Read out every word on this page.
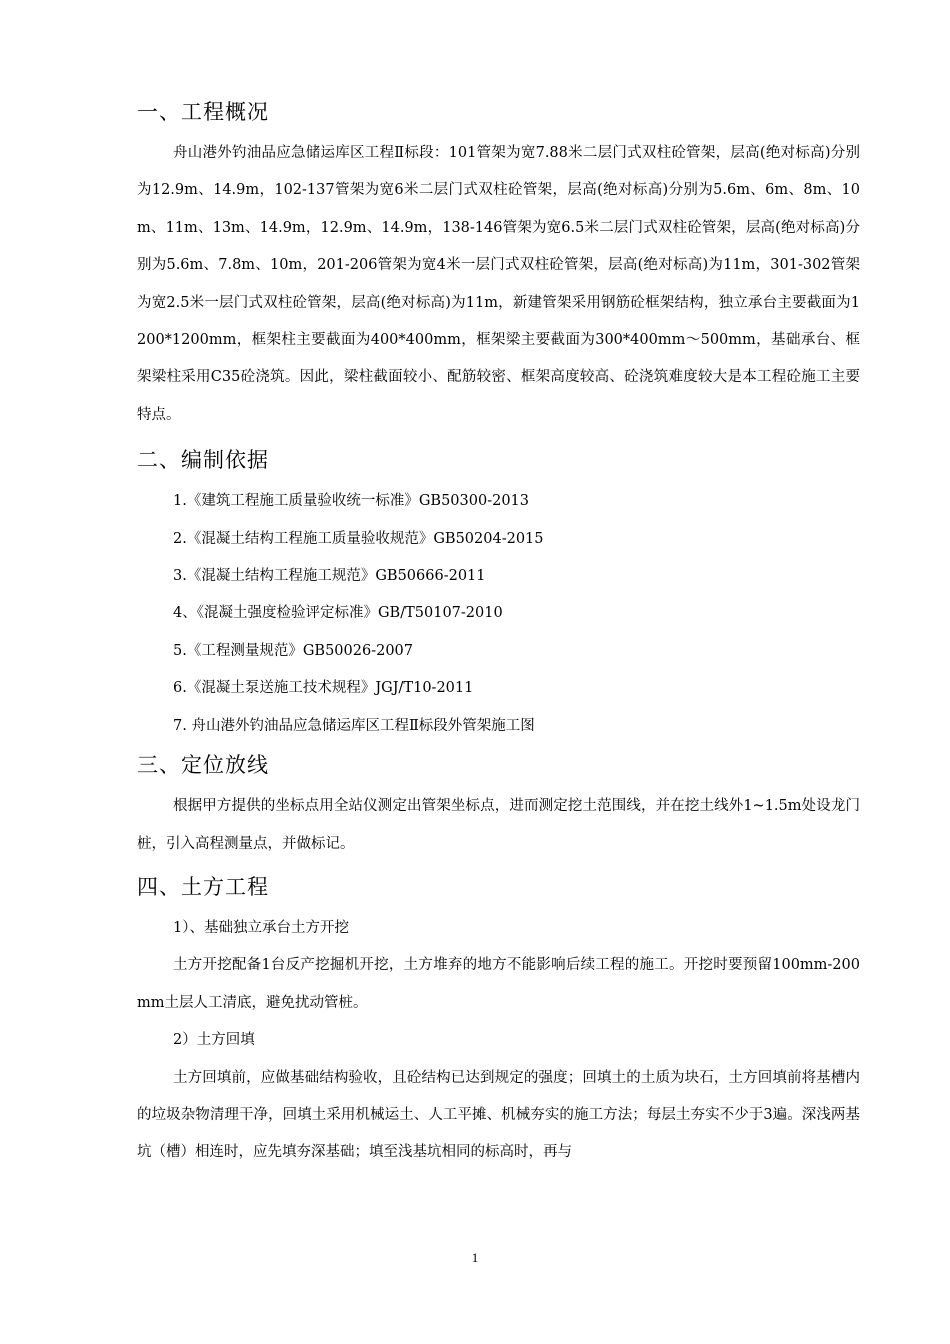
一、工程概况

舟山港外钓油品应急储运库区工程Ⅱ标段：101管架为宽7.88米二层门式双柱砼管架，层高(绝对标高)分别为12.9m、14.9m，102-137管架为宽6米二层门式双柱砼管架，层高(绝对标高)分别为5.6m、6m、8m、10m、11m、13m、14.9m，12.9m、14.9m，138-146管架为宽6.5米二层门式双柱砼管架，层高(绝对标高)分别为5.6m、7.8m、10m，201-206管架为宽4米一层门式双柱砼管架，层高(绝对标高)为11m，301-302管架为宽2.5米一层门式双柱砼管架，层高(绝对标高)为11m，新建管架采用钢筋砼框架结构，独立承台主要截面为1200*1200mm，框架柱主要截面为400*400mm，框架梁主要截面为300*400mm～500mm，基础承台、框架梁柱采用C35砼浇筑。因此，梁柱截面较小、配筋较密、框架高度较高、砼浇筑难度较大是本工程砼施工主要特点。

二、编制依据

1.《建筑工程施工质量验收统一标准》GB50300-2013

2.《混凝土结构工程施工质量验收规范》GB50204-2015

3.《混凝土结构工程施工规范》GB50666-2011

4、《混凝土强度检验评定标准》GB/T50107-2010

5.《工程测量规范》GB50026-2007

6.《混凝土泵送施工技术规程》JGJ/T10-2011

7. 舟山港外钓油品应急储运库区工程Ⅱ标段外管架施工图

三、定位放线

根据甲方提供的坐标点用全站仪测定出管架坐标点，进而测定挖土范围线，并在挖土线外1~1.5m处设龙门桩，引入高程测量点，并做标记。

四、土方工程

1）、基础独立承台土方开挖

土方开挖配备1台反产挖掘机开挖，土方堆弃的地方不能影响后续工程的施工。开挖时要预留100mm-200mm土层人工清底，避免扰动管桩。

2）土方回填

土方回填前，应做基础结构验收，且砼结构已达到规定的强度；回填土的土质为块石，土方回填前将基槽内的垃圾杂物清理干净，回填土采用机械运土、人工平摊、机械夯实的施工方法；每层土夯实不少于3遍。深浅两基坑（槽）相连时，应先填夯深基础；填至浅基坑相同的标高时，再与

1
